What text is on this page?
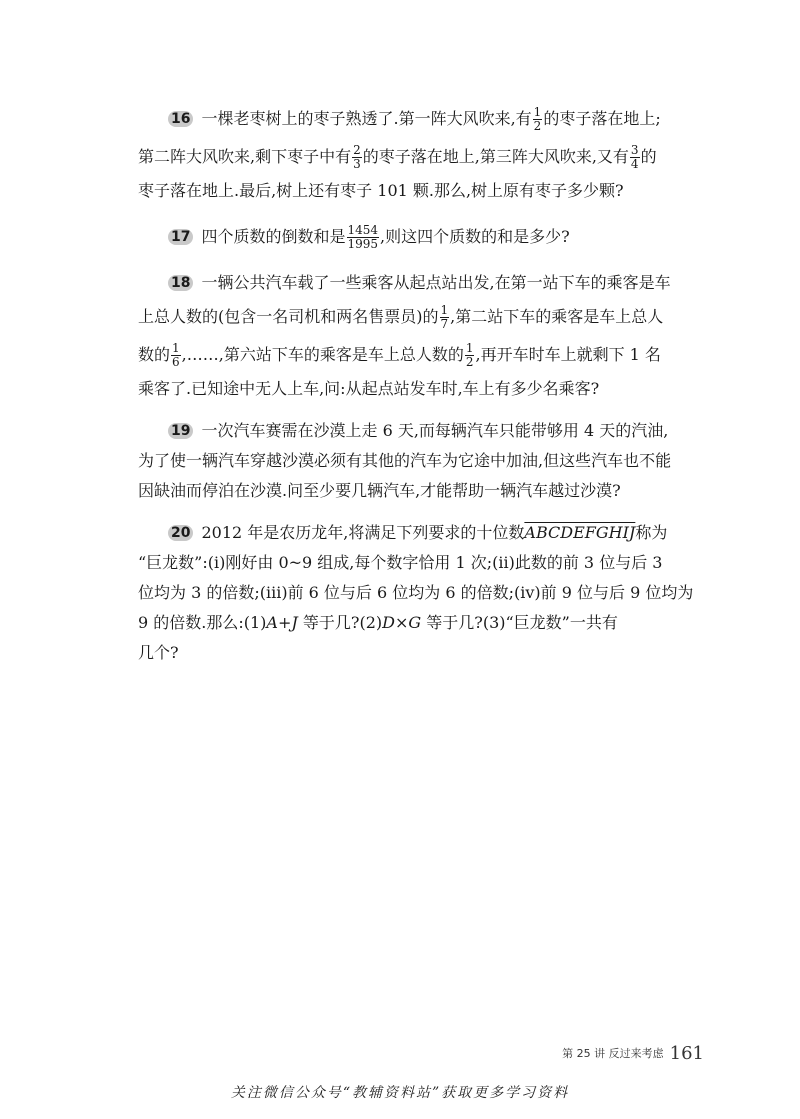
16 一棵老枣树上的枣子熟透了.第一阵大风吹来,有 $\frac{1}{2}$ 的枣子落在地上;
第二阵大风吹来,剩下枣子中有 $\frac{2}{3}$ 的枣子落在地上,第三阵大风吹来,又有 $\frac{3}{4}$ 的
枣子落在地上.最后,树上还有枣子 101 颗.那么,树上原有枣子多少颗?
17 四个质数的倒数和是 $\frac{1454}{1995}$ ,则这四个质数的和是多少?
18 一辆公共汽车载了一些乘客从起点站出发,在第一站下车的乘客是车
上总人数的(包含一名司机和两名售票员)的 $\frac{1}{7}$ ,第二站下车的乘客是车上总人
数的 $\frac{1}{6}$ ,……,第六站下车的乘客是车上总人数的 $\frac{1}{2}$ ,再开车时车上就剩下 1 名
乘客了.已知途中无人上车,问:从起点站发车时,车上有多少名乘客?
19 一次汽车赛需在沙漠上走 6 天,而每辆汽车只能带够用 4 天的汽油,
为了使一辆汽车穿越沙漠必须有其他的汽车为它途中加油,但这些汽车也不能
因缺油而停泊在沙漠.问至少要几辆汽车,才能帮助一辆汽车越过沙漠?
20 2012 年是农历龙年,将满足下列要求的十位数ABCDEFGHIJ称为
“巨龙数”:(i)刚好由 0~9 组成,每个数字恰用 1 次;(ii)此数的前 3 位与后 3
位均为 3 的倍数;(iii)前 6 位与后 6 位均为 6 的倍数;(iv)前 9 位与后 9 位均为
9 的倍数.那么:(1)A+J 等于几?(2)D×G 等于几?(3)“巨龙数”一共有
几个?
第 25 讲 反过来考虑 161
关注微信公众号“教辅资料站”获取更多学习资料
